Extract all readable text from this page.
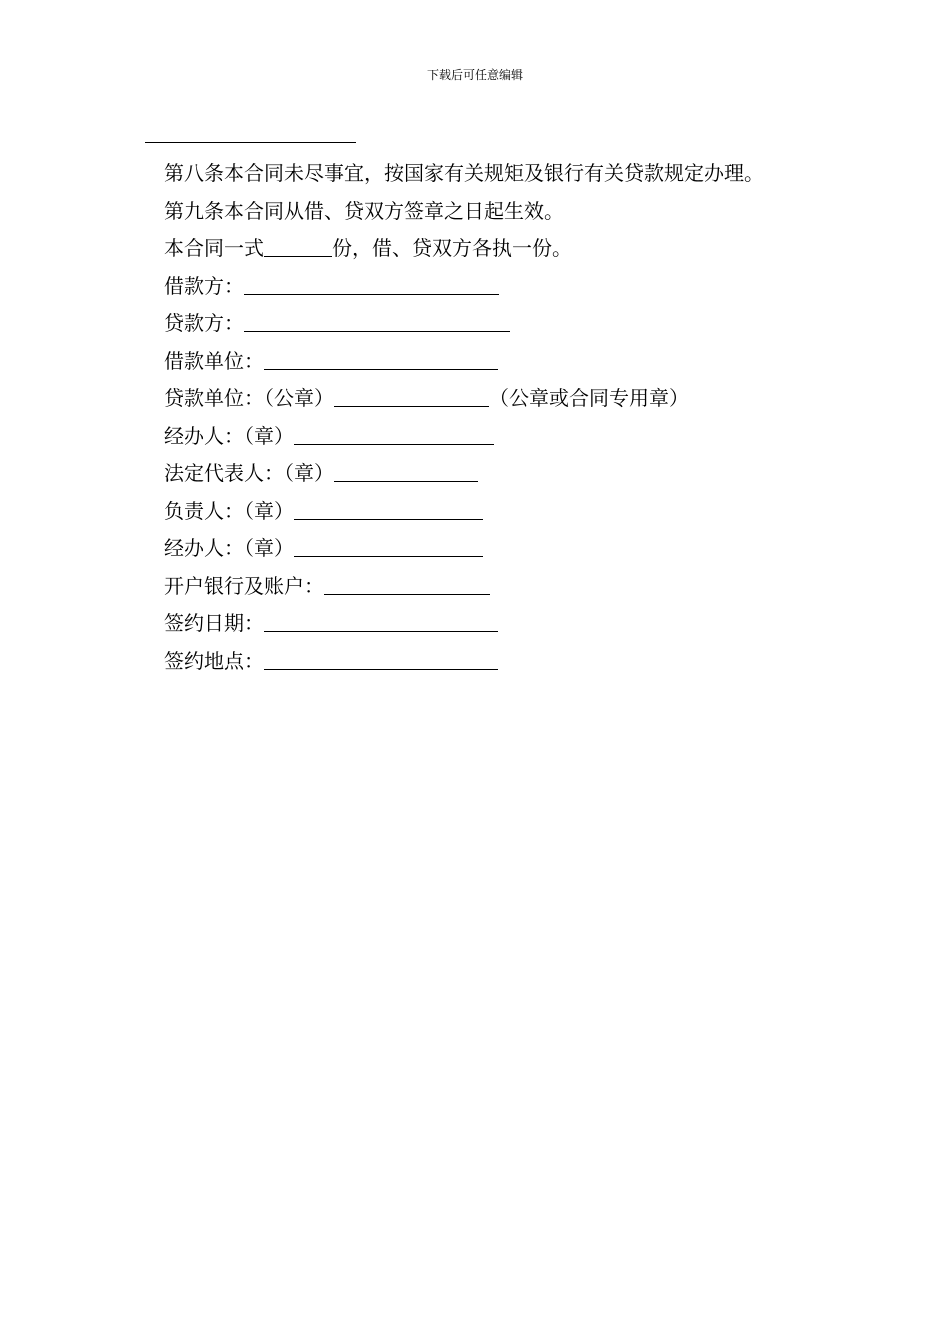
下载后可任意编辑

第八条本合同未尽事宜，按国家有关规矩及银行有关贷款规定办理。

第九条本合同从借、贷双方签章之日起生效。

本合同一式	份，借、贷双方各执一份。

借款方：

贷款方：

借款单位：

贷款单位：（公章）	（公章或合同专用章）

经办人：（章）

法定代表人：（章）

负责人：（章）

经办人：（章）

开户银行及账户：

签约日期：

签约地点：
